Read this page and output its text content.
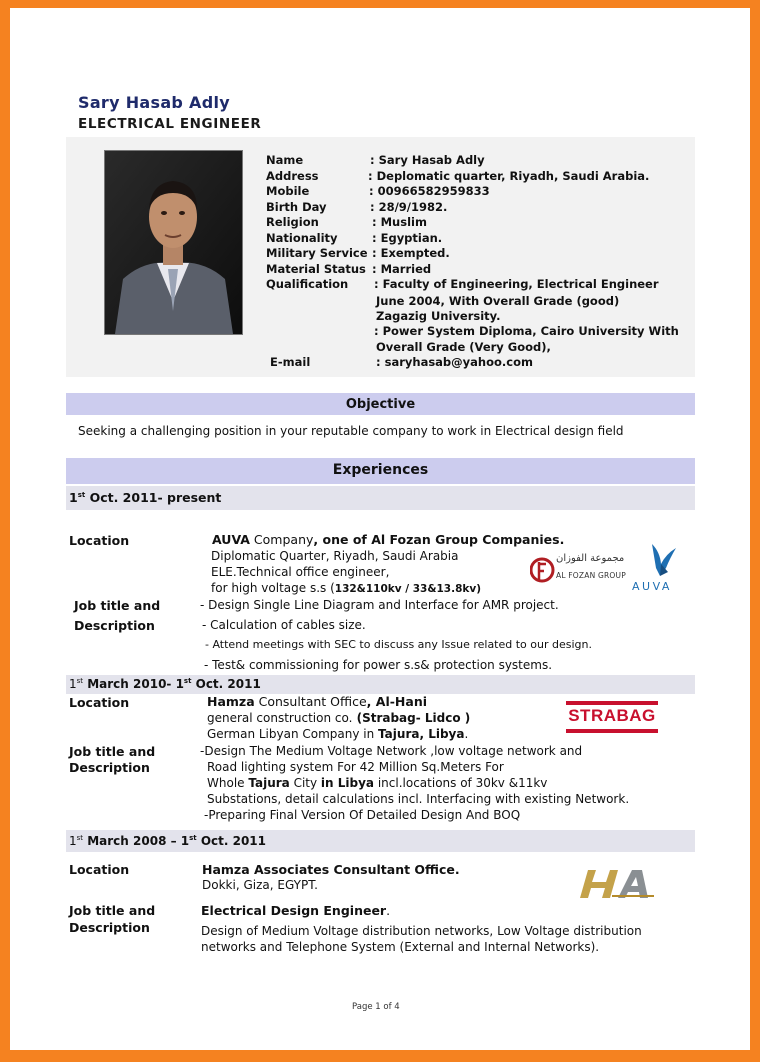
Sary Hasab Adly
ELECTRICAL ENGINEER
Name	: Sary Hasab Adly
Address	: Deplomatic quarter, Riyadh, Saudi Arabia.
Mobile	: 00966582959833
Birth Day	: 28/9/1982.
Religion	: Muslim
Nationality	: Egyptian.
Military Service : Exempted.
Material Status : Married
Qualification : Faculty of Engineering, Electrical Engineer
June 2004, With Overall Grade (good)
Zagazig University.
: Power System Diploma, Cairo University With
Overall Grade (Very Good),
E-mail	: saryhasab@yahoo.com
Objective
Seeking a challenging position in your reputable company to work in Electrical design field
Experiences
1st Oct. 2011- present
Location	AUVA Company, one of Al Fozan Group Companies.
Diplomatic Quarter, Riyadh, Saudi Arabia
ELE.Technical office engineer,
for high voltage s.s (132&110kv / 33&13.8kv)
Job title and
Description
- Design Single Line Diagram and Interface for AMR project.
- Calculation of cables size.
- Attend meetings with SEC to discuss any Issue related to our design.
- Test& commissioning for power s.s& protection systems.
مجموعة الفوزان
AL FOZAN GROUP
AUVA
1st March 2010- 1st Oct. 2011
Location	Hamza Consultant Office, Al-Hani
general construction co. (Strabag- Lidco )
German Libyan Company in Tajura, Libya.
Job title and
Description
-Design The Medium Voltage Network ,low voltage network and
Road lighting system For 42 Million Sq.Meters For
Whole Tajura City in Libya incl.locations of 30kv &11kv
Substations, detail calculations incl. Interfacing with existing Network.
-Preparing Final Version Of Detailed Design And BOQ
STRABAG
1st March 2008 – 1st Oct. 2011
Location	Hamza Associates Consultant Office.
Dokki, Giza, EGYPT.
Job title and
Description
Electrical Design Engineer.
Design of Medium Voltage distribution networks, Low Voltage distribution
networks and Telephone System (External and Internal Networks).
Page 1 of 4
